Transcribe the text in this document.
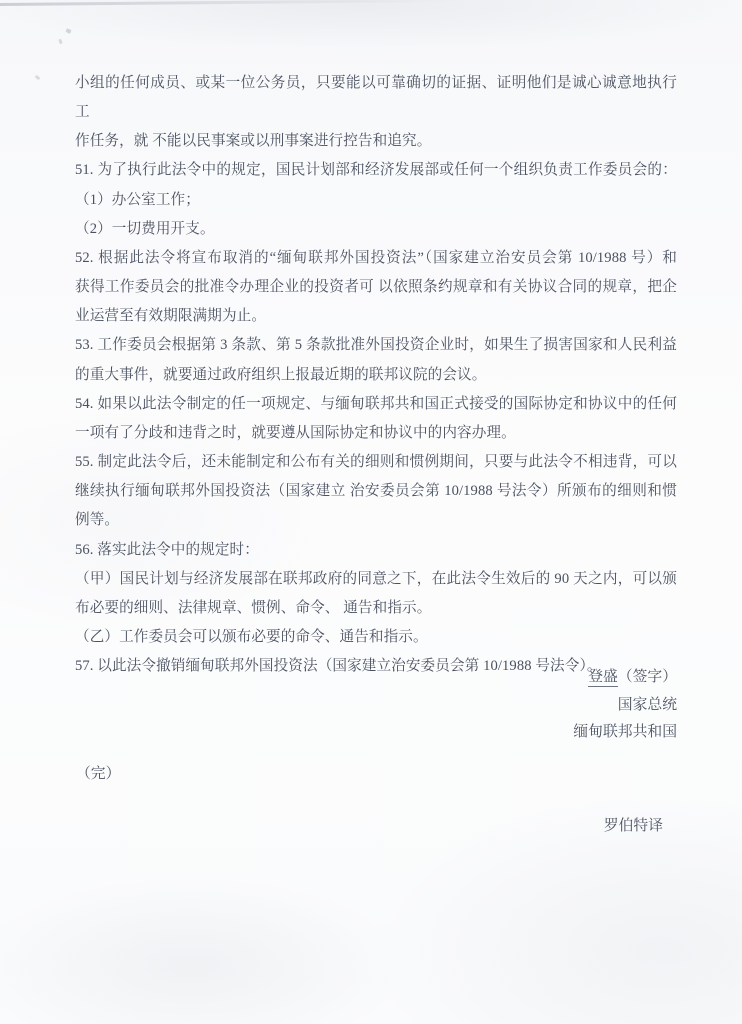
小组的任何成员、或某一位公务员，只要能以可靠确切的证据、证明他们是诚心诚意地执行工
作任务，就 不能以民事案或以刑事案进行控告和追究。
51. 为了执行此法令中的规定，国民计划部和经济发展部或任何一个组织负责工作委员会的：
（1）办公室工作；
（2）一切费用开支。
52. 根据此法令将宣布取消的“缅甸联邦外国投资法”（国家建立治安员会第 10/1988 号）和
获得工作委员会的批准令办理企业的投资者可 以依照条约规章和有关协议合同的规章，把企
业运营至有效期限满期为止。
53. 工作委员会根据第 3 条款、第 5 条款批准外国投资企业时，如果生了损害国家和人民利益
的重大事件，就要通过政府组织上报最近期的联邦议院的会议。
54. 如果以此法令制定的任一项规定、与缅甸联邦共和国正式接受的国际协定和协议中的任何
一项有了分歧和违背之时，就要遵从国际协定和协议中的内容办理。
55. 制定此法令后，还未能制定和公布有关的细则和惯例期间，只要与此法令不相违背，可以
继续执行缅甸联邦外国投资法（国家建立 治安委员会第 10/1988 号法令）所颁布的细则和惯
例等。
56. 落实此法令中的规定时：
（甲）国民计划与经济发展部在联邦政府的同意之下，在此法令生效后的 90 天之内，可以颁
布必要的细则、法律规章、惯例、命令、 通告和指示。
（乙）工作委员会可以颁布必要的命令、通告和指示。
57. 以此法令撤销缅甸联邦外国投资法（国家建立治安委员会第 10/1988 号法令）。
登盛（签字）
国家总统
缅甸联邦共和国
（完）
罗伯特译
